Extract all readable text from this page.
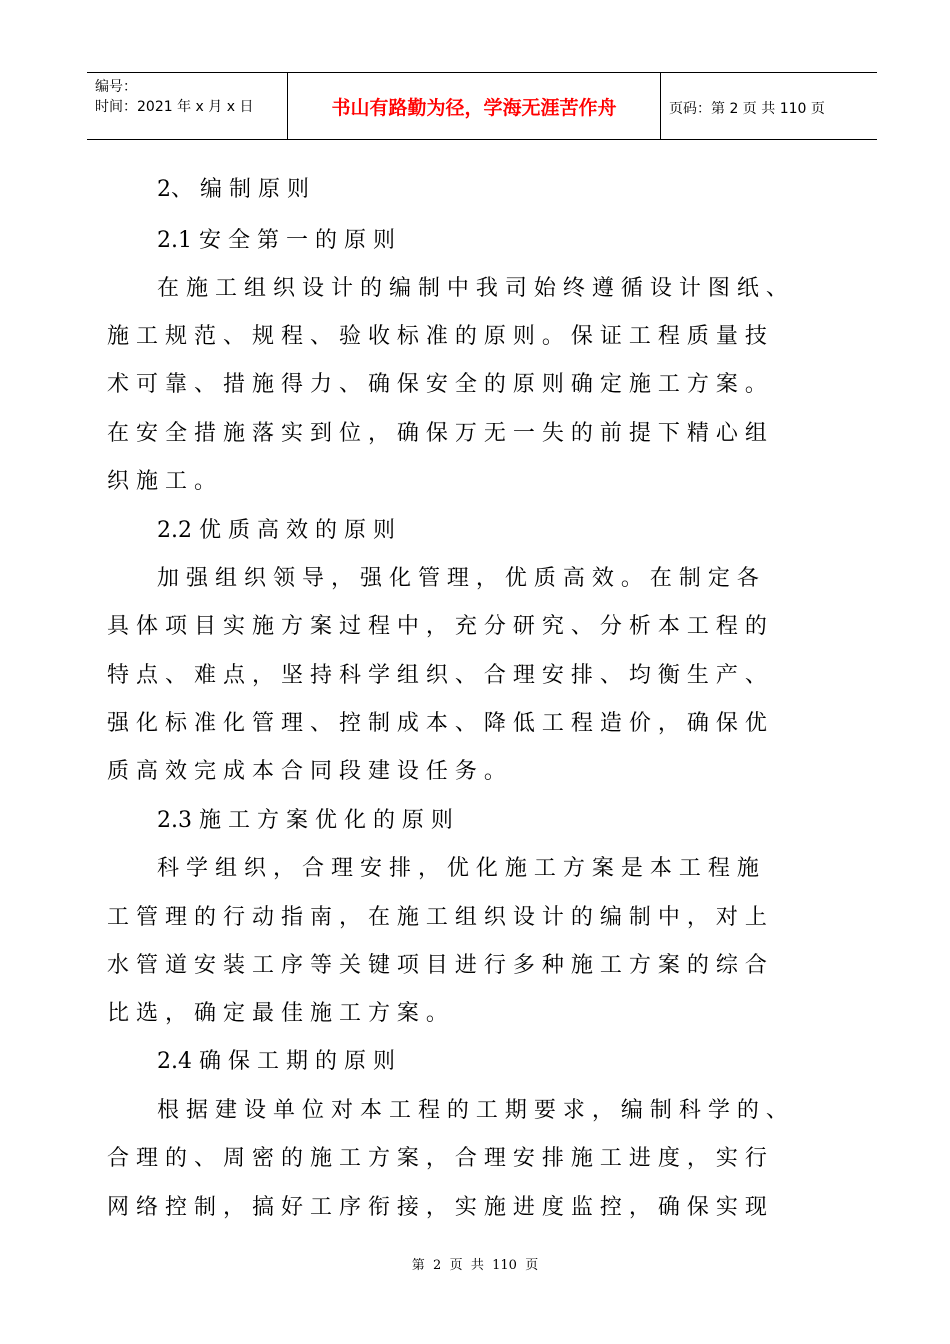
编号：
时间：2021 年 x 月 x 日	书山有路勤为径，学海无涯苦作舟	页码：第 2 页 共 110 页
2、 编 制 原 则
2.1 安 全 第 一 的 原 则
在 施 工 组 织 设 计 的 编 制 中 我 司 始 终 遵 循 设 计 图 纸 、
施 工 规 范 、 规 程 、 验 收 标 准 的 原 则 。 保 证 工 程 质 量 技
术 可 靠 、 措 施 得 力 、 确 保 安 全 的 原 则 确 定 施 工 方 案 。
在 安 全 措 施 落 实 到 位 ， 确 保 万 无 一 失 的 前 提 下 精 心 组
织 施 工 。
2.2 优 质 高 效 的 原 则
加 强 组 织 领 导 ， 强 化 管 理 ， 优 质 高 效 。 在 制 定 各
具 体 项 目 实 施 方 案 过 程 中 ， 充 分 研 究 、 分 析 本 工 程 的
特 点 、 难 点 ， 坚 持 科 学 组 织 、 合 理 安 排 、 均 衡 生 产 、
强 化 标 准 化 管 理 、 控 制 成 本 、 降 低 工 程 造 价 ， 确 保 优
质 高 效 完 成 本 合 同 段 建 设 任 务 。
2.3 施 工 方 案 优 化 的 原 则
科 学 组 织 ， 合 理 安 排 ， 优 化 施 工 方 案 是 本 工 程 施
工 管 理 的 行 动 指 南 ， 在 施 工 组 织 设 计 的 编 制 中 ， 对 上
水 管 道 安 装 工 序 等 关 键 项 目 进 行 多 种 施 工 方 案 的 综 合
比 选 ， 确 定 最 佳 施 工 方 案 。
2.4 确 保 工 期 的 原 则
根 据 建 设 单 位 对 本 工 程 的 工 期 要 求 ， 编 制 科 学 的 、
合 理 的 、 周 密 的 施 工 方 案 ， 合 理 安 排 施 工 进 度 ， 实 行
网 络 控 制 ， 搞 好 工 序 衔 接 ， 实 施 进 度 监 控 ， 确 保 实 现
第  2  页  共  110  页
